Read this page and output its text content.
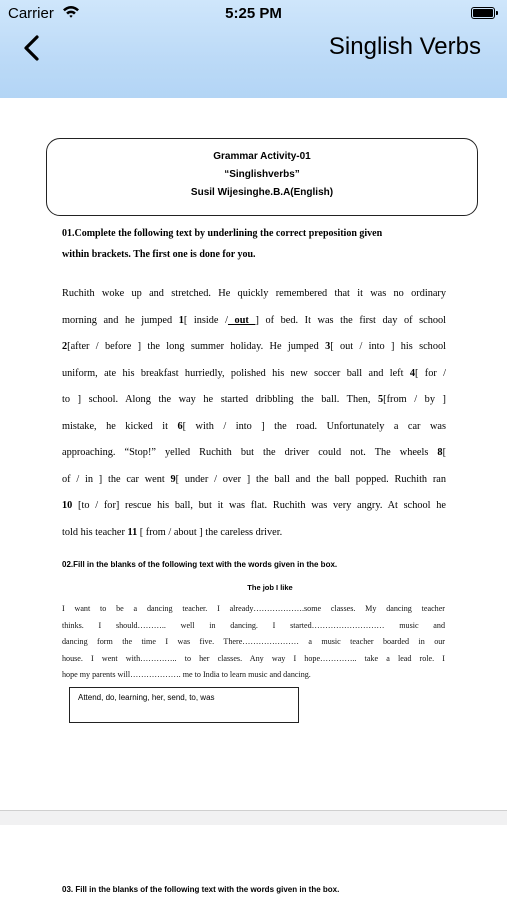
Carrier	5:25 PM
Singlish Verbs
Grammar Activity-01
“Singlishverbs”
Susil Wijesinghe.B.A(English)
01.Complete the following text by underlining the correct preposition given
within brackets. The first one is done for you.
Ruchith woke up and stretched. He quickly remembered that it was no ordinary
morning and he jumped 1[ inside / out ] of bed. It was the first day of school
2[after / before ] the long summer holiday. He jumped 3[ out / into ] his school
uniform, ate his breakfast hurriedly, polished his new soccer ball and left 4[ for /
to ] school. Along the way he started dribbling the ball. Then, 5[from / by ]
mistake, he kicked it 6[ with / into ] the road. Unfortunately a car was
approaching. “Stop!” yelled Ruchith but the driver could not. The wheels 8[
of / in ] the car went 9[ under / over ] the ball and the ball popped. Ruchith ran
10 [to / for] rescue his ball, but it was flat. Ruchith was very angry. At school he
told his teacher 11 [ from / about ] the careless driver.
02.Fill in the blanks of the following text with the words given in the box.
The job I like
I want to be a dancing teacher. I already……………….some classes. My dancing teacher
thinks. I should……….. well in dancing. I started……………………… music and
dancing form the time I was five. There………………… a music teacher boarded in our
house. I went with………….. to her classes. Any way I hope………….. take a lead role. I
hope my parents will………………. me to India to learn music and dancing.
Attend, do, learning, her, send, to, was
03. Fill in the blanks of the following text with the words given in the box.
